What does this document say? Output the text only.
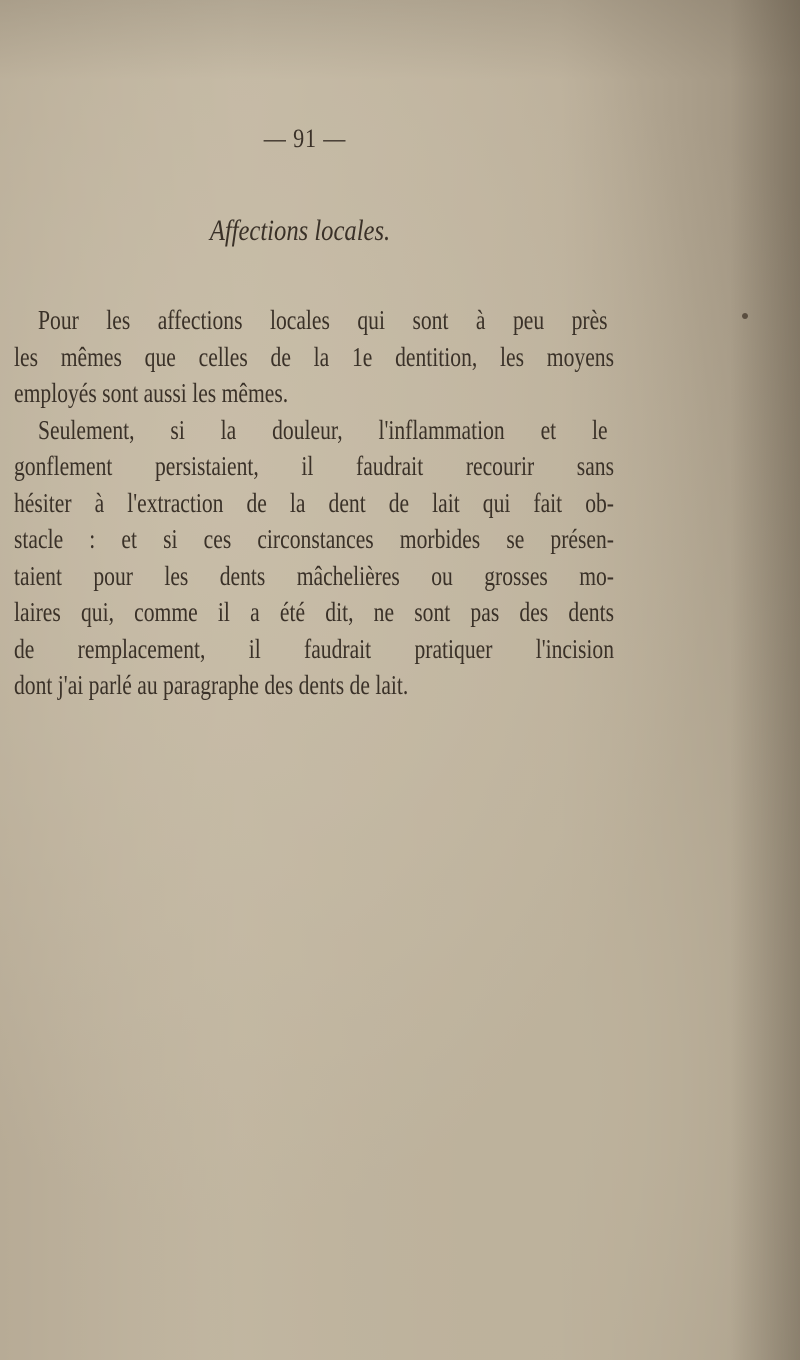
— 91 —
Affections locales.
Pour les affections locales qui sont à peu près
les mêmes que celles de la 1e dentition, les moyens
employés sont aussi les mêmes.
Seulement, si la douleur, l'inflammation et le
gonflement persistaient, il faudrait recourir sans
hésiter à l'extraction de la dent de lait qui fait ob-
stacle : et si ces circonstances morbides se présen-
taient pour les dents mâchelières ou grosses mo-
laires qui, comme il a été dit, ne sont pas des dents
de remplacement, il faudrait pratiquer l'incision
dont j'ai parlé au paragraphe des dents de lait.
